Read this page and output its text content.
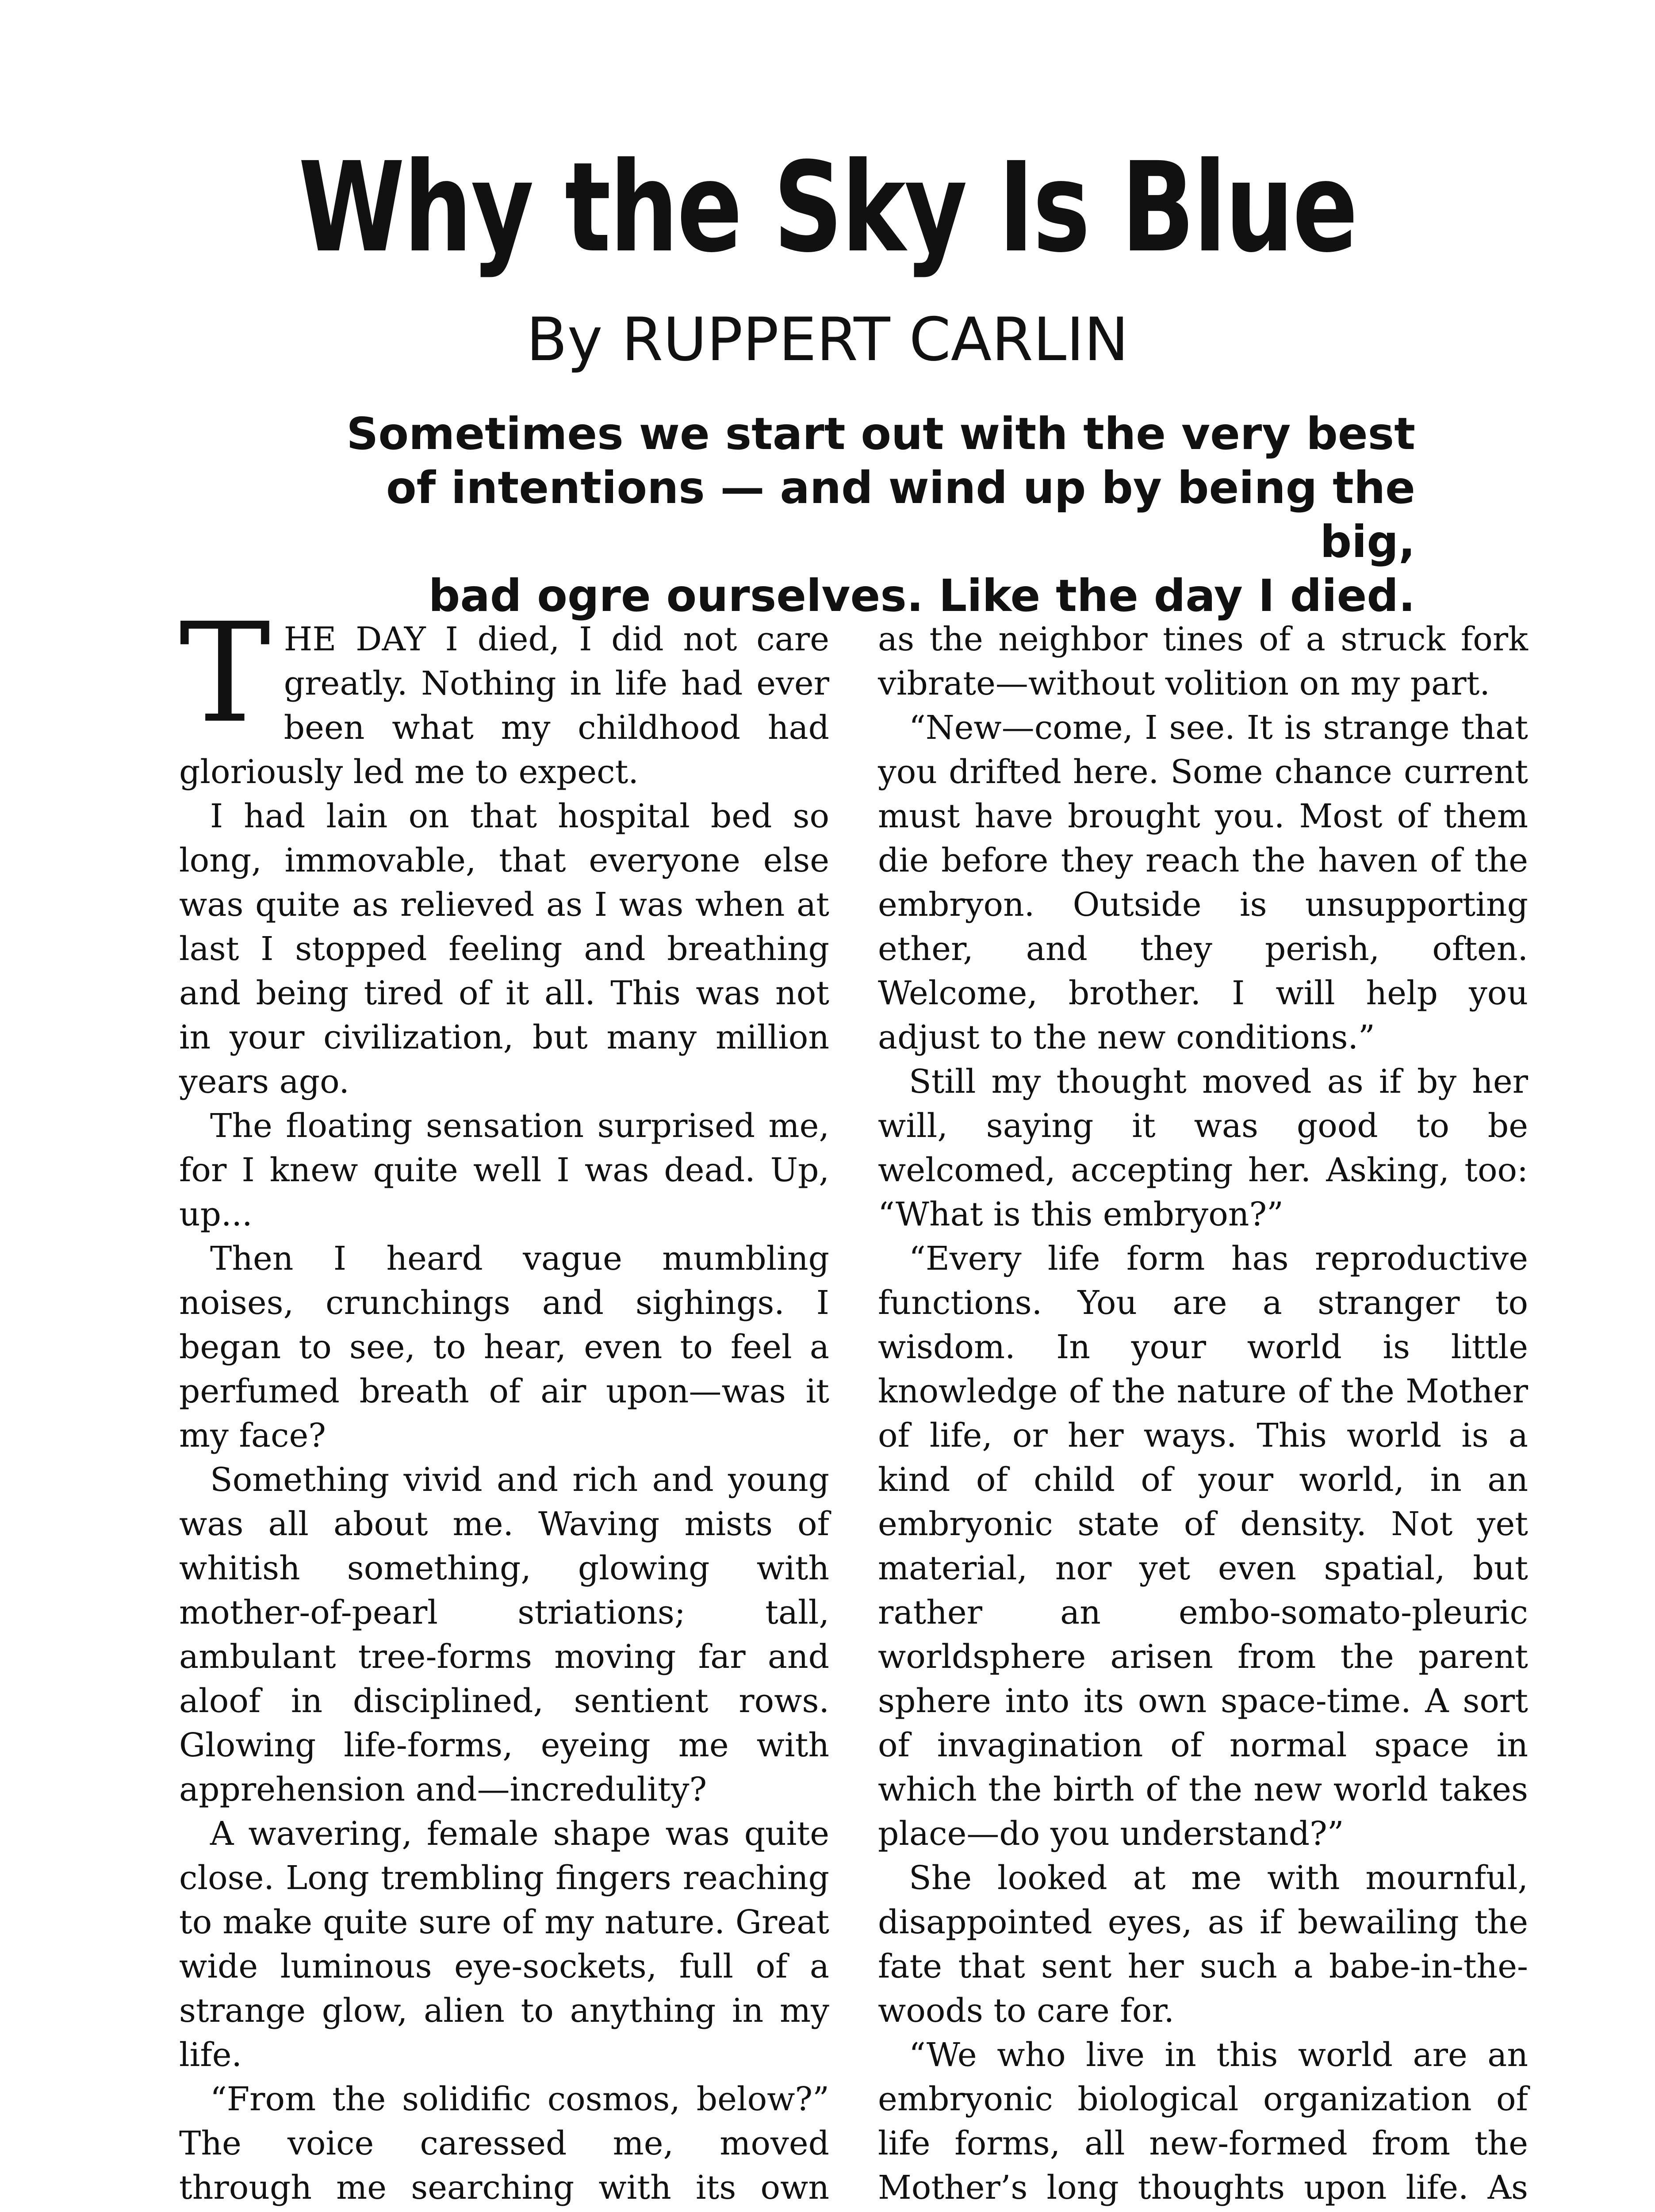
Why the Sky Is Blue
By RUPPERT CARLIN
Sometimes we start out with the very best
of intentions — and wind up by being the big,
bad ogre ourselves. Like the day I died.

THE DAY I died, I did not care greatly. Nothing in life had ever been what my childhood had gloriously led me to expect.

I had lain on that hospital bed so long, immovable, that everyone else was quite as relieved as I was when at last I stopped feeling and breathing and being tired of it all. This was not in your civilization, but many million years ago.

The floating sensation surprised me, for I knew quite well I was dead. Up, up...

Then I heard vague mumbling noises, crunchings and sighings. I began to see, to hear, even to feel a perfumed breath of air upon—was it my face?

Something vivid and rich and young was all about me. Waving mists of whitish something, glowing with mother-of-pearl striations; tall, ambulant tree-forms moving far and aloof in disciplined, sentient rows. Glowing life-forms, eyeing me with apprehension and—incredulity?

A wavering, female shape was quite close. Long trembling fingers reaching to make quite sure of my nature. Great wide luminous eye-sockets, full of a strange glow, alien to anything in my life.

“From the solidific cosmos, below?” The voice caressed me, moved through me searching with its own

as the neighbor tines of a struck fork vibrate—without volition on my part.

“New—come, I see. It is strange that you drifted here. Some chance current must have brought you. Most of them die before they reach the haven of the embryon. Outside is unsupporting ether, and they perish, often. Welcome, brother. I will help you adjust to the new conditions.”

Still my thought moved as if by her will, saying it was good to be welcomed, accepting her. Asking, too: “What is this embryon?”

“Every life form has reproductive functions. You are a stranger to wisdom. In your world is little knowledge of the nature of the Mother of life, or her ways. This world is a kind of child of your world, in an embryonic state of density. Not yet material, nor yet even spatial, but rather an embo-somato-pleuric worldsphere arisen from the parent sphere into its own space-time. A sort of invagination of normal space in which the birth of the new world takes place—do you understand?”

She looked at me with mournful, disappointed eyes, as if bewailing the fate that sent her such a babe-in-the-woods to care for.

“We who live in this world are an embryonic biological organization of life forms, all new-formed from the Mother’s long thoughts upon life. As
